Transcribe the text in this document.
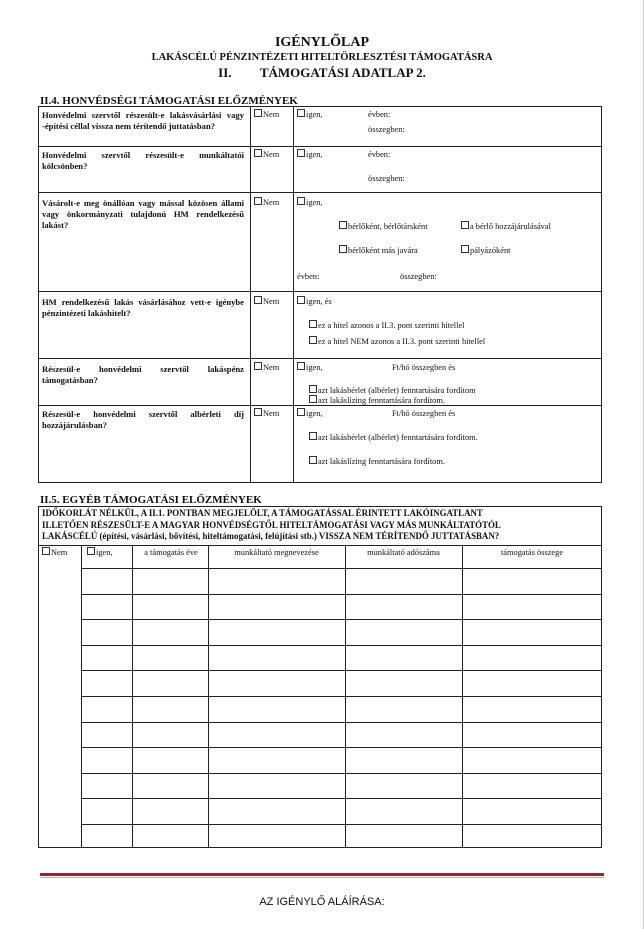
IGÉNYLŐLAP
LAKÁSCÉLÚ PÉNZINTÉZETI HITELTÖRLESZTÉSI TÁMOGATÁSRA
II. TÁMOGATÁSI ADATLAP 2.
II.4. HONVÉDSÉGI TÁMOGATÁSI ELŐZMÉNYEK
Honvédelmi szervtől részesült-e lakásvásárlási vagy -építési céllal vissza nem térítendő juttatásban?
Nem	igen,	évben:
összegben:
Honvédelmi szervtől részesült-e munkáltatói kölcsönben?
Nem	igen,	évben:
összegben:
Vásárolt-e meg önállóan vagy mással közösen állami vagy önkormányzati tulajdonú HM rendelkezésű lakást?
Nem	igen,
bérlőként, bérlőtársként	a bérlő hozzájárulásával
bérlőként más javára	pályázóként
évben:	összegben:
HM rendelkezésű lakás vásárlásához vett-e igénybe pénzintézeti lakáshitelt?
Nem	igen, és
ez a hitel azonos a II.3. pont szerinti hitellel
ez a hitel NEM azonos a II.3. pont szerinti hitellel
Részesül-e honvédelmi szervtől lakáspénz támogatásban?
Nem	igen,	Ft/hó összegben és
azt lakásbérlet (albérlet) fenntartására fordítom
azt lakáslízing fenntartására fordítom.
Részesül-e honvédelmi szervtől albérleti díj hozzájárulásban?
Nem	igen,	Ft/hó összegben és
azt lakásbérlet (albérlet) fenntartására fordítom.
azt lakáslízing fenntartására fordítom.
II.5. EGYÉB TÁMOGATÁSI ELŐZMÉNYEK
IDŐKORLÁT NÉLKÜL, A II.1. PONTBAN MEGJELÖLT, A TÁMOGATÁSSAL ÉRINTETT LAKÓINGATLANT
ILLETŐEN RÉSZESÜLT-E A MAGYAR HONVÉDSÉGTŐL HITELTÁMOGATÁSI VAGY MÁS MUNKÁLTATÓTÓL
LAKÁSCÉLÚ (építési, vásárlási, bővítési, hiteltámogatási, felújítási stb.) VISSZA NEM TÉRÍTENDŐ JUTTATÁSBAN?
Nem	igen,	a támogatás éve	munkáltató megnevezése	munkáltató adószáma	támogatás összege
AZ IGÉNYLŐ ALÁÍRÁSA:
